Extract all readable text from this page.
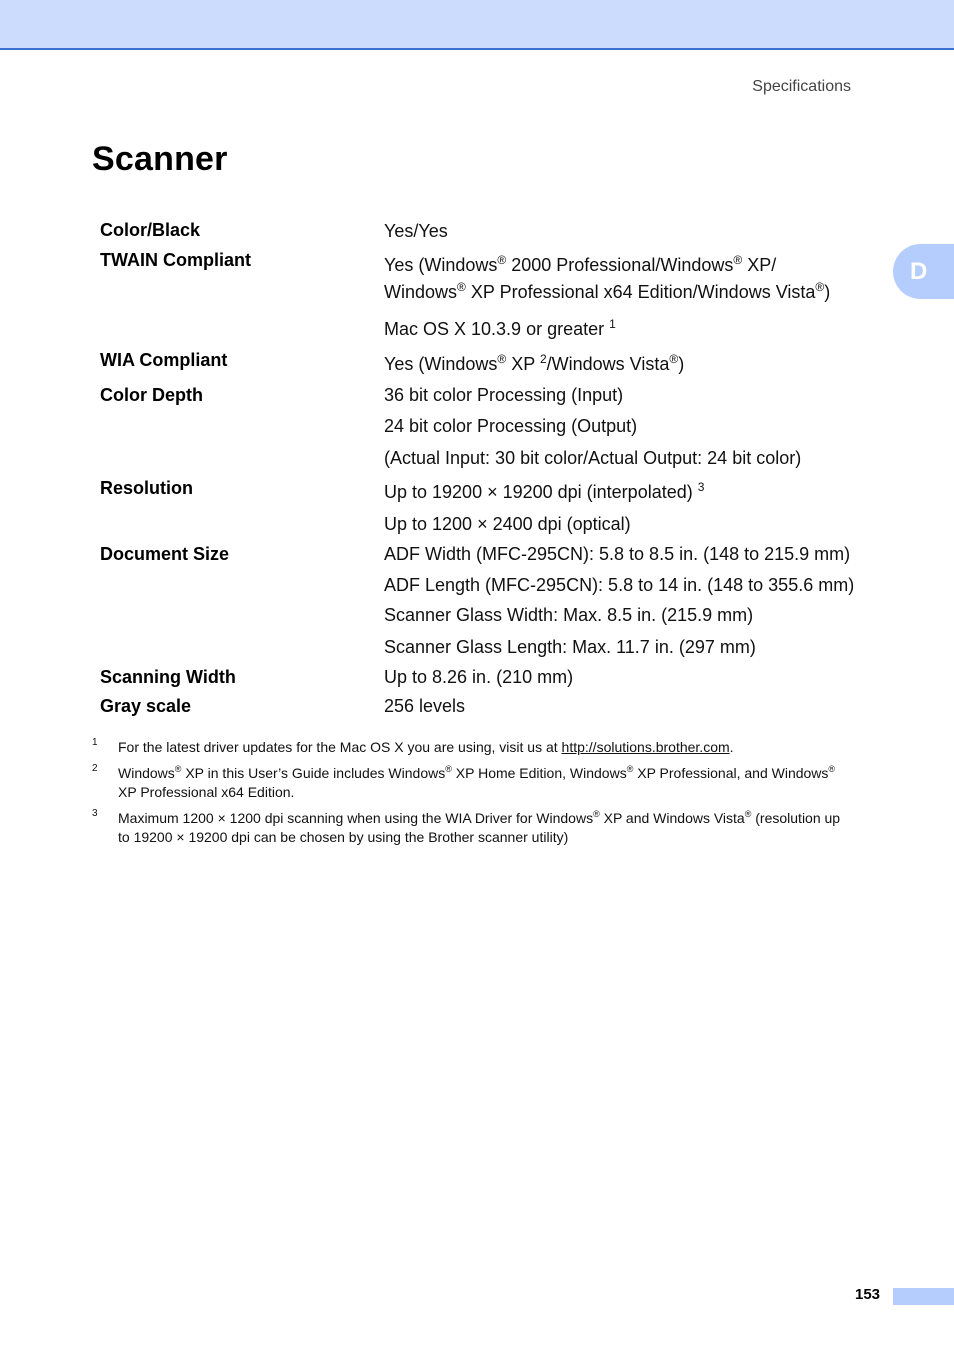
Specifications
Scanner
D
Color/Black	Yes/Yes
TWAIN Compliant	Yes (Windows® 2000 Professional/Windows® XP/
Windows® XP Professional x64 Edition/Windows Vista®)
Mac OS X 10.3.9 or greater $^1$
WIA Compliant	Yes (Windows® XP $^2$/Windows Vista®)
Color Depth	36 bit color Processing (Input)
24 bit color Processing (Output)
(Actual Input: 30 bit color/Actual Output: 24 bit color)
Resolution	Up to 19200 × 19200 dpi (interpolated) $^3$
Up to 1200 × 2400 dpi (optical)
Document Size	ADF Width (MFC-295CN): 5.8 to 8.5 in. (148 to 215.9 mm)
ADF Length (MFC-295CN): 5.8 to 14 in. (148 to 355.6 mm)
Scanner Glass Width: Max. 8.5 in. (215.9 mm)
Scanner Glass Length: Max. 11.7 in. (297 mm)
Scanning Width	Up to 8.26 in. (210 mm)
Gray scale	256 levels
1 For the latest driver updates for the Mac OS X you are using, visit us at http://solutions.brother.com.
2 Windows® XP in this User’s Guide includes Windows® XP Home Edition, Windows® XP Professional, and Windows®
XP Professional x64 Edition.
3 Maximum 1200 × 1200 dpi scanning when using the WIA Driver for Windows® XP and Windows Vista® (resolution up
to 19200 × 19200 dpi can be chosen by using the Brother scanner utility)
153
